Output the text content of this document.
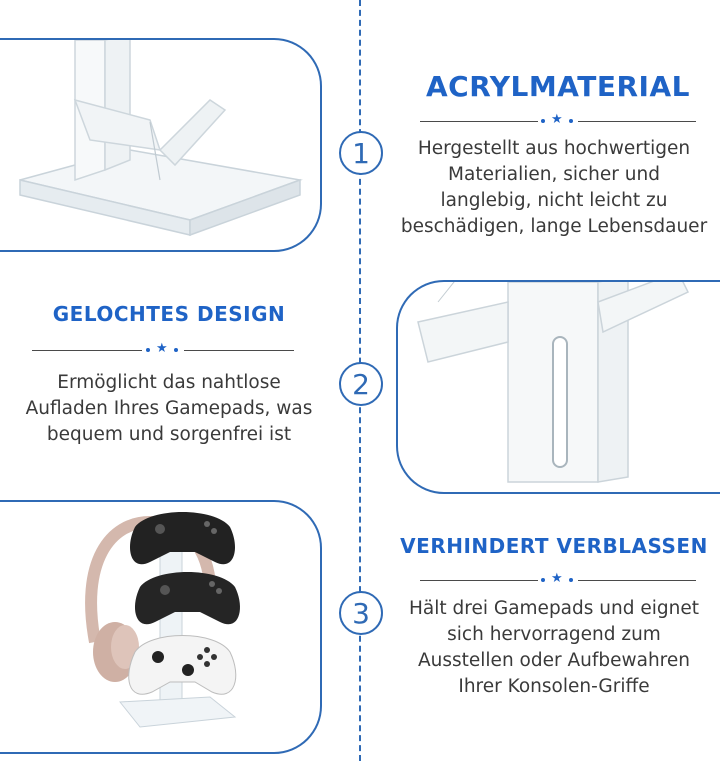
1
2
3
ACRYLMATERIAL
★
Hergestellt aus hochwertigen
Materialien, sicher und
langlebig, nicht leicht zu
beschädigen, lange Lebensdauer
GELOCHTES DESIGN
★
Ermöglicht das nahtlose
Aufladen Ihres Gamepads, was
bequem und sorgenfrei ist
VERHINDERT VERBLASSEN
★
Hält drei Gamepads und eignet
sich hervorragend zum
Ausstellen oder Aufbewahren
Ihrer Konsolen-Griffe
